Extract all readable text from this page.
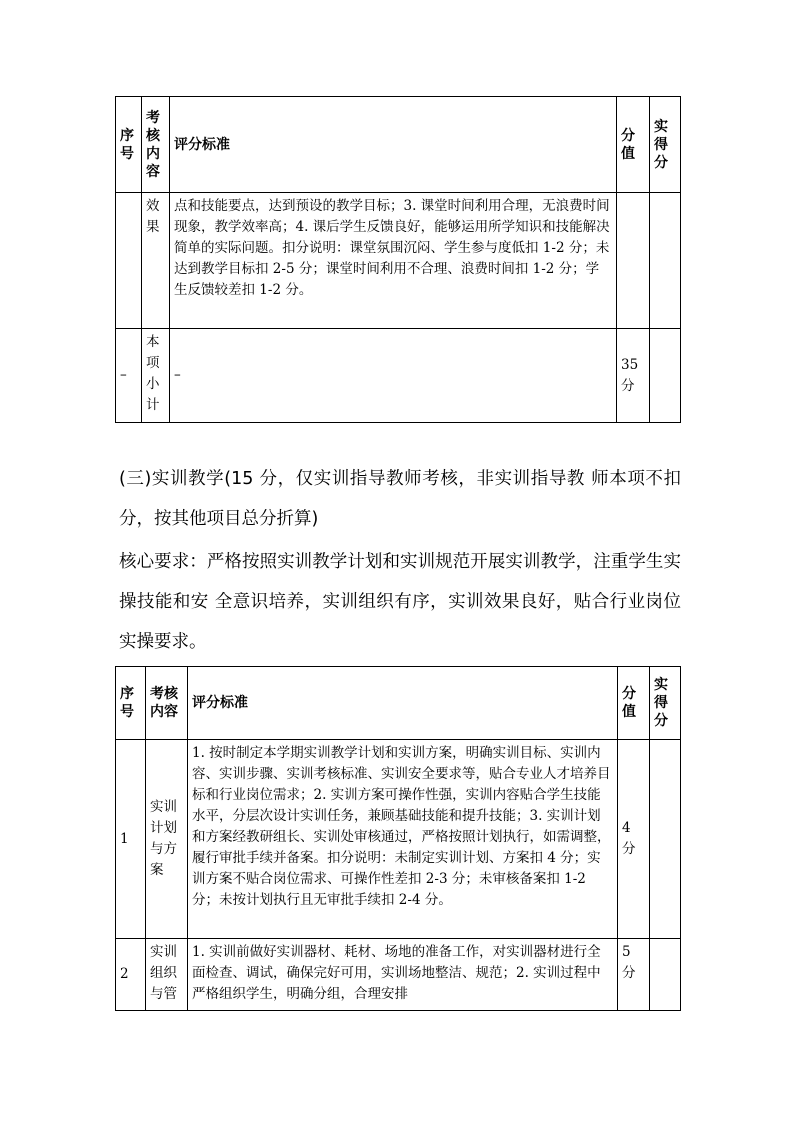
序号	考核内容	评分标准	分值	实得分
	效果	点和技能要点，达到预设的教学目标；3. 课堂时间利用合理，无浪费时间现象，教学效率高；4. 课后学生反馈良好，能够运用所学知识和技能解决简单的实际问题。扣分说明：课堂氛围沉闷、学生参与度低扣 1-2 分；未达到教学目标扣 2-5 分；课堂时间利用不合理、浪费时间扣 1-2 分；学生反馈较差扣 1-2 分。		
–	本项小计	–	35 分	

(三)实训教学(15 分，仅实训指导教师考核，非实训指导教 师本项不扣分，按其他项目总分折算)

核心要求：严格按照实训教学计划和实训规范开展实训教学，注重学生实操技能和安 全意识培养，实训组织有序，实训效果良好，贴合行业岗位实操要求。

序号	考核内容	评分标准	分值	实得分
1	实训计划与方案	1. 按时制定本学期实训教学计划和实训方案，明确实训目标、实训内容、实训步骤、实训考核标准、实训安全要求等，贴合专业人才培养目标和行业岗位需求；2. 实训方案可操作性强，实训内容贴合学生技能水平，分层次设计实训任务，兼顾基础技能和提升技能；3. 实训计划和方案经教研组长、实训处审核通过，严格按照计划执行，如需调整，履行审批手续并备案。扣分说明：未制定实训计划、方案扣 4 分；实训方案不贴合岗位需求、可操作性差扣 2-3 分；未审核备案扣 1-2 分；未按计划执行且无审批手续扣 2-4 分。	4 分	
2	实训组织与管	1. 实训前做好实训器材、耗材、场地的准备工作，对实训器材进行全面检查、调试，确保完好可用，实训场地整洁、规范；2. 实训过程中严格组织学生，明确分组，合理安排	5 分	
